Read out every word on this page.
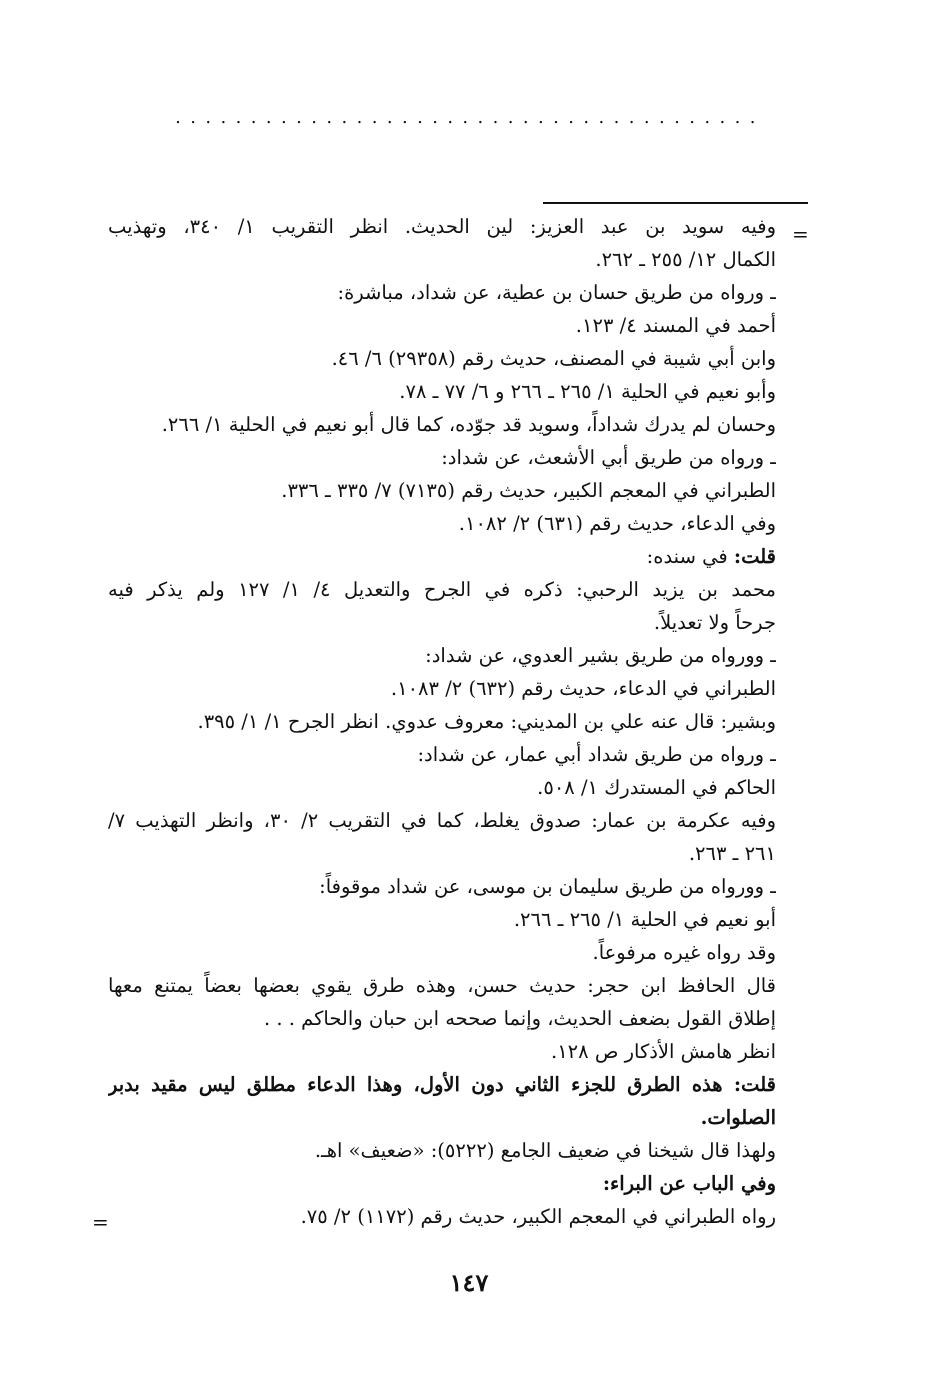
.......................................
=
وفيه سويد بن عبد العزيز: لين الحديث. انظر التقريب ١/ ٣٤٠، وتهذيب
الكمال ١٢/ ٢٥٥ ـ ٢٦٢.
ـ ورواه من طريق حسان بن عطية، عن شداد، مباشرة:
أحمد في المسند ٤/ ١٢٣.
وابن أبي شيبة في المصنف، حديث رقم (٢٩٣٥٨) ٦/ ٤٦.
وأبو نعيم في الحلية ١/ ٢٦٥ ـ ٢٦٦ و ٦/ ٧٧ ـ ٧٨.
وحسان لم يدرك شداداً، وسويد قد جوّده، كما قال أبو نعيم في الحلية ١/ ٢٦٦.
ـ ورواه من طريق أبي الأشعث، عن شداد:
الطبراني في المعجم الكبير، حديث رقم (٧١٣٥) ٧/ ٣٣٥ ـ ٣٣٦.
وفي الدعاء، حديث رقم (٦٣١) ٢/ ١٠٨٢.
قلت: في سنده:
محمد بن يزيد الرحبي: ذكره في الجرح والتعديل ٤/ ١/ ١٢٧ ولم يذكر فيه
جرحاً ولا تعديلاً.
ـ وورواه من طريق بشير العدوي، عن شداد:
الطبراني في الدعاء، حديث رقم (٦٣٢) ٢/ ١٠٨٣.
وبشير: قال عنه علي بن المديني: معروف عدوي. انظر الجرح ١/ ١/ ٣٩٥.
ـ ورواه من طريق شداد أبي عمار، عن شداد:
الحاكم في المستدرك ١/ ٥٠٨.
وفيه عكرمة بن عمار: صدوق يغلط، كما في التقريب ٢/ ٣٠، وانظر التهذيب ٧/
٢٦١ ـ ٢٦٣.
ـ وورواه من طريق سليمان بن موسى، عن شداد موقوفاً:
أبو نعيم في الحلية ١/ ٢٦٥ ـ ٢٦٦.
وقد رواه غيره مرفوعاً.
قال الحافظ ابن حجر: حديث حسن، وهذه طرق يقوي بعضها بعضاً يمتنع معها
إطلاق القول بضعف الحديث، وإنما صححه ابن حبان والحاكم . . .
انظر هامش الأذكار ص ١٢٨.
قلت: هذه الطرق للجزء الثاني دون الأول، وهذا الدعاء مطلق ليس مقيد بدبر
الصلوات.
ولهذا قال شيخنا في ضعيف الجامع (٥٢٢٢): «ضعيف» اهـ.
وفي الباب عن البراء:
رواه الطبراني في المعجم الكبير، حديث رقم (١١٧٢) ٢/ ٧٥.
=
١٤٧
